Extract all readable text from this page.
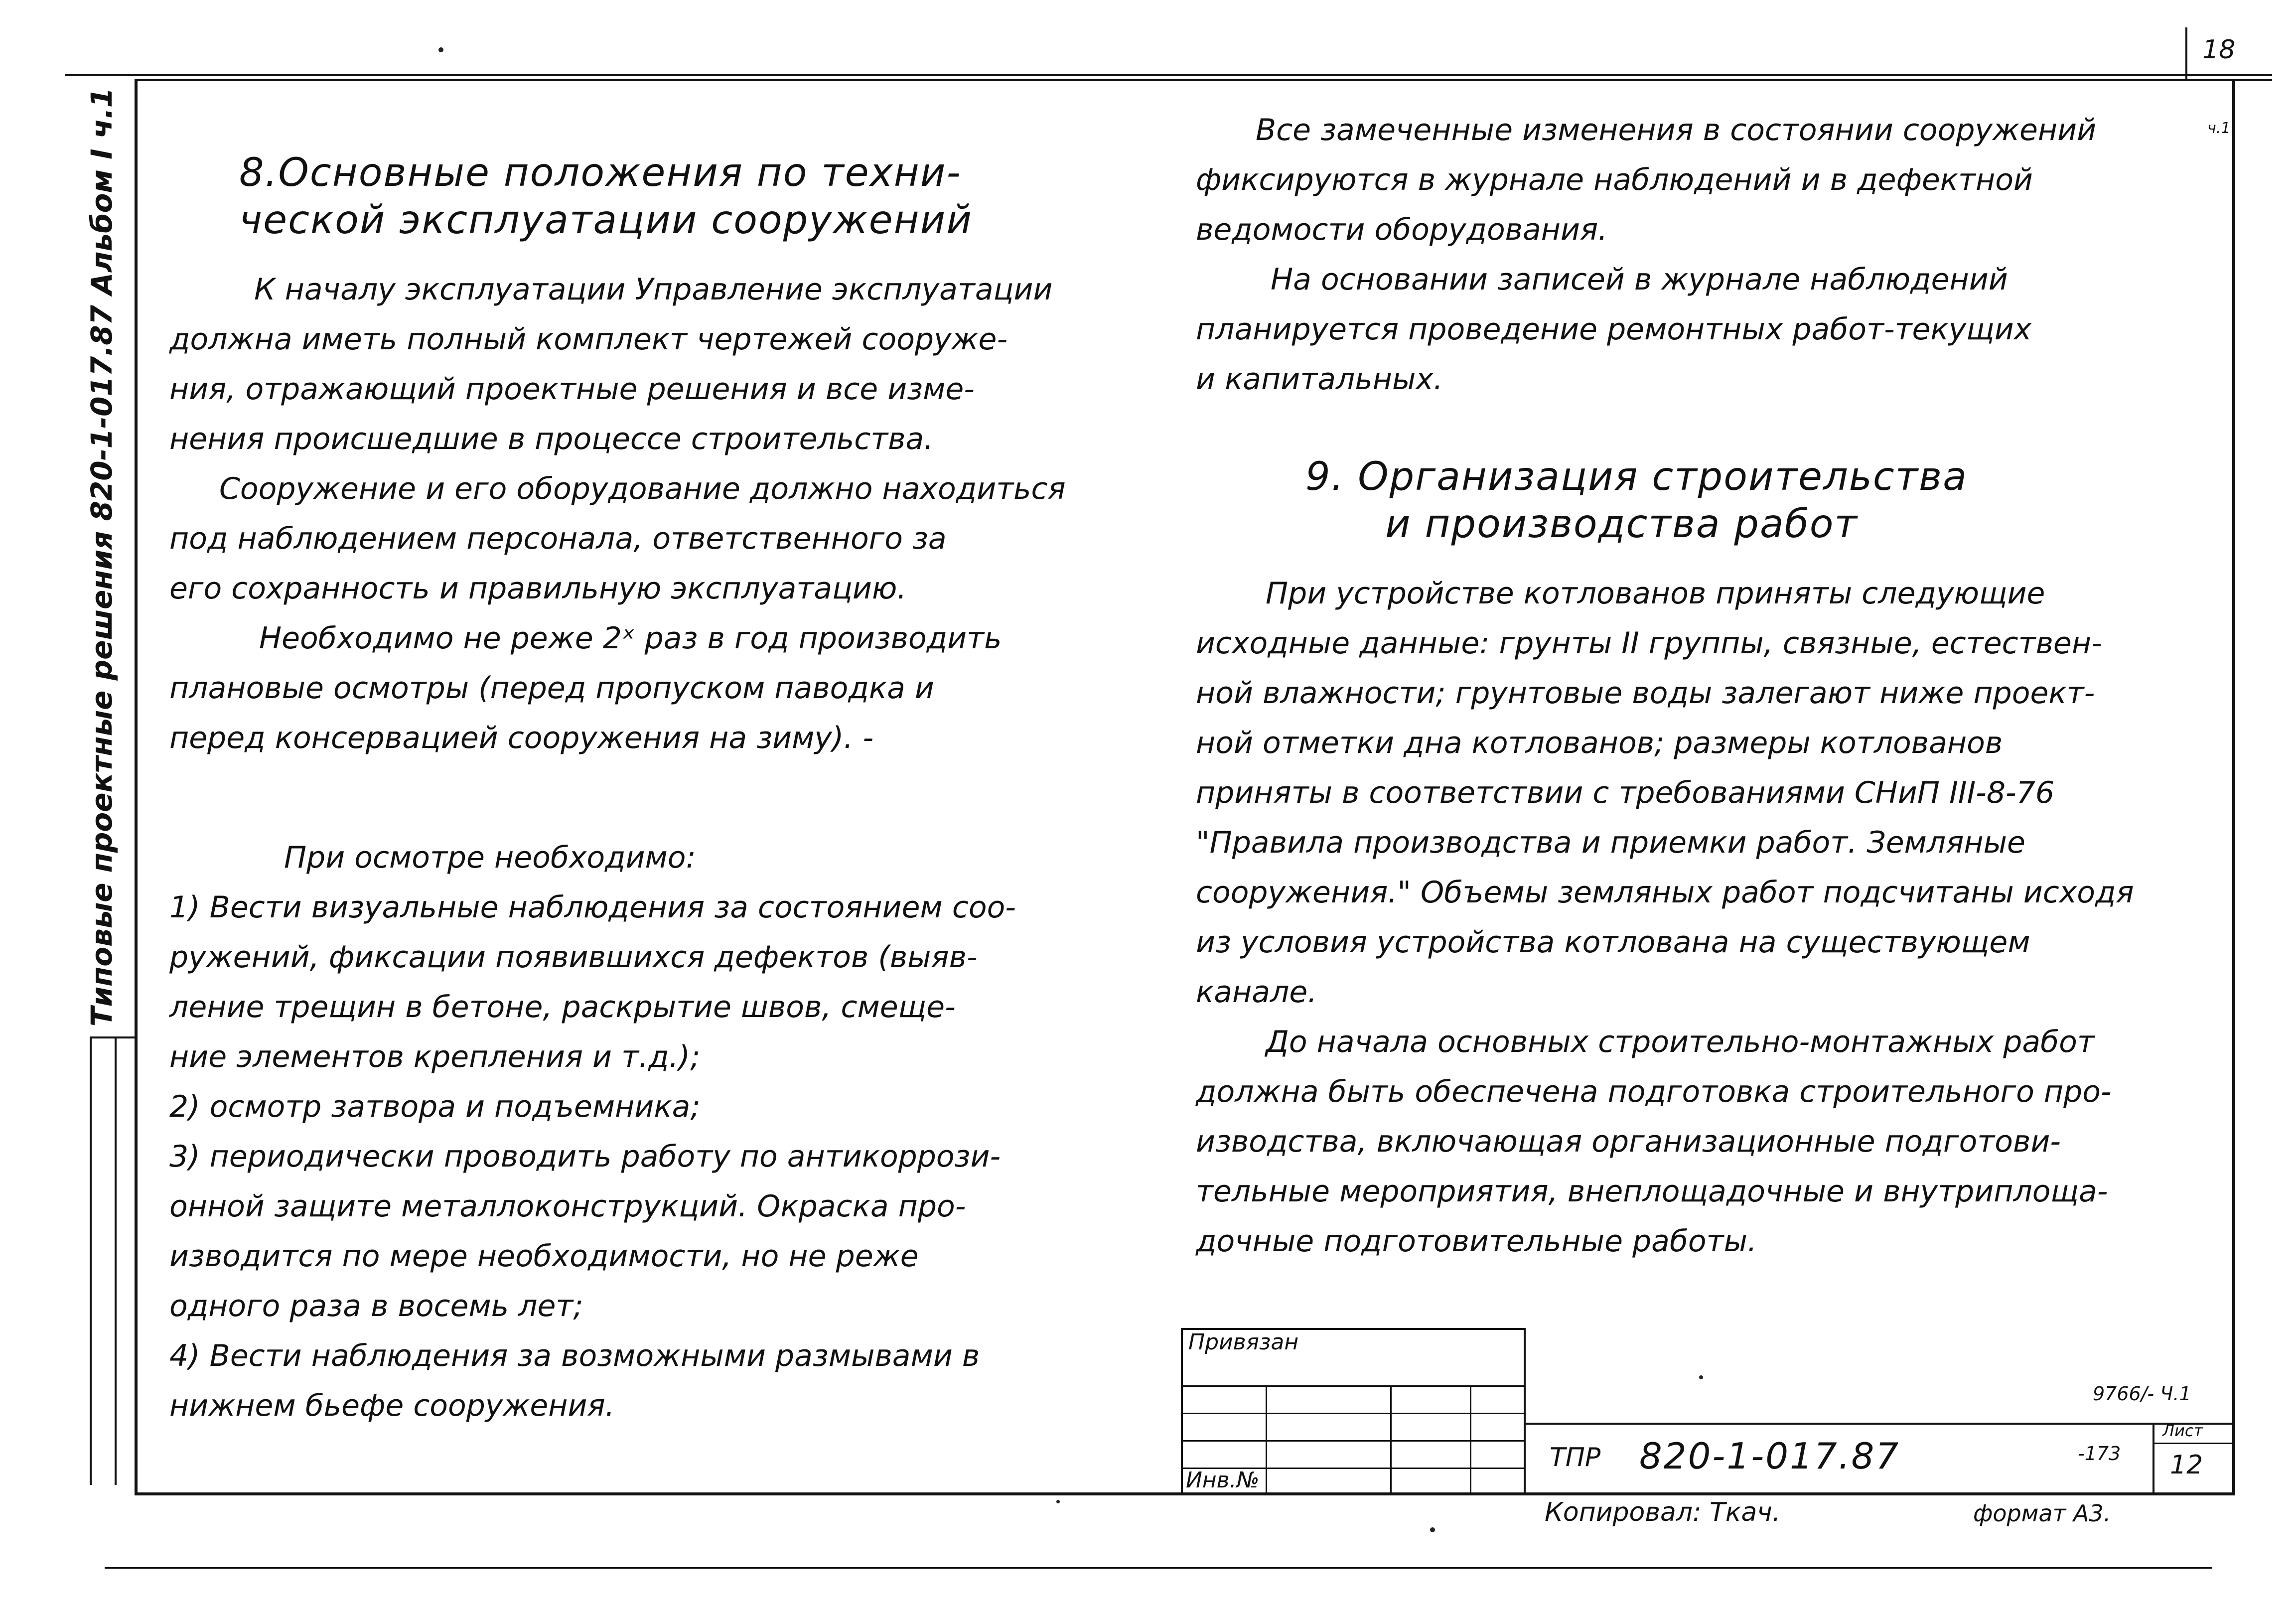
18
ч.1
Типовые проектные решения 820-1-017.87 Альбом I ч.1	8.Основные положения по техни-
ческой эксплуатации сооружений

К началу эксплуатации Управление эксплуатации

должна иметь полный комплект чертежей сооруже-

ния, отражающий проектные решения и все изме-

нения происшедшие в процессе строительства.

Сооружение и его оборудование должно находиться

под наблюдением персонала, ответственного за

его сохранность и правильную эксплуатацию.

Необходимо не реже 2ˣ раз в год производить

плановые осмотры (перед пропуском паводка и

перед консервацией сооружения на зиму). -

При осмотре необходимо:

1) Вести визуальные наблюдения за состоянием соо-

ружений, фиксации появившихся дефектов (выяв-

ление трещин в бетоне, раскрытие швов, смеще-

ние элементов крепления и т.д.);

2) осмотр затвора и подъемника;

3) периодически проводить работу по антикоррози-

онной защите металлоконструкций. Окраска про-

изводится по мере необходимости, но не реже

одного раза в восемь лет;

4) Вести наблюдения за возможными размывами в

нижнем бьефе сооружения.

Все замеченные изменения в состоянии сооружений

фиксируются в журнале наблюдений и в дефектной

ведомости оборудования.

На основании записей в журнале наблюдений

планируется проведение ремонтных работ-текущих

и капитальных.

9. Организация строительства
и производства работ

При устройстве котлованов приняты следующие

исходные данные: грунты II группы, связные, естествен-

ной влажности; грунтовые воды залегают ниже проект-

ной отметки дна котлованов; размеры котлованов

приняты в соответствии с требованиями СНиП III-8-76

"Правила производства и приемки работ. Земляные

сооружения." Объемы земляных работ подсчитаны исходя

из условия устройства котлована на существующем

канале.

До начала основных строительно-монтажных работ

должна быть обеспечена подготовка строительного про-

изводства, включающая организационные подготови-

тельные мероприятия, внеплощадочные и внутриплоща-

дочные подготовительные работы.

Привязан
Инв.№
ТПР 820-1-017.87
9766/- Ч.1
-173
Лист
12
Копировал: Ткач.	формат А3.
